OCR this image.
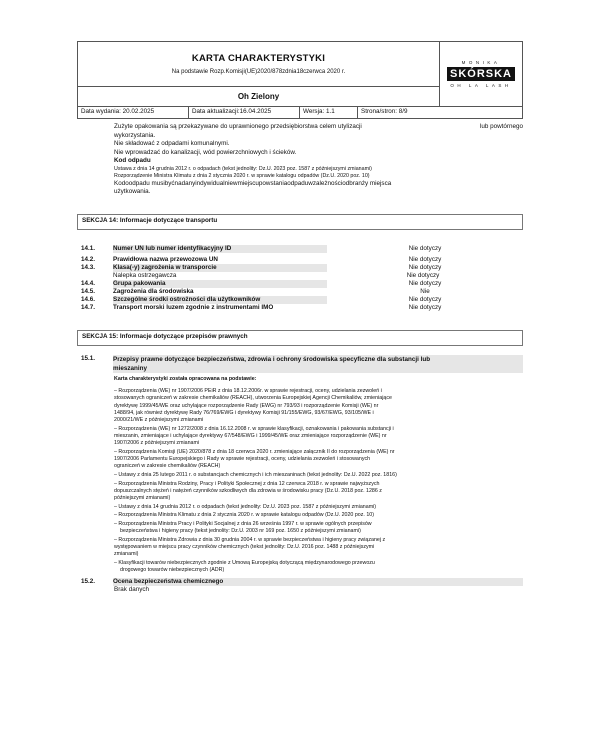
KARTA CHARAKTERYSTYKI
Na podstawie Rozp.Komisji(UE)2020/878zdnia18czerwca 2020 r.
Oh Zielony
MONIKA
SKÓRSKA
OH LA LASH
Data wydania: 20.02.2025	Data aktualizacji:16.04.2025	Wersja: 1.1	Strona/stron: 8/9
Zużyte opakowania są przekazywane do uprawnionego przedsiębiorstwa celem utylizacji	lub powtórnego
wykorzystania.
Nie składować z odpadami komunalnymi.
Nie wprowadzać do kanalizacji, wód powierzchniowych i ścieków.
Kod odpadu
Ustawa z dnia 14 grudnia 2012 r. o odpadach (tekst jednolity: Dz.U. 2023 poz. 1587 z późniejszymi zmianami)
Rozporządzenie Ministra Klimatu z dnia 2 stycznia 2020 r. w sprawie katalogu odpadów (Dz.U. 2020 poz. 10)
Kodoodpadu musibyćnadanyindywidualniewmiejscupowstaniaodpaduwzależnościodbranży miejsca
użytkowania.
SEKCJA 14: Informacje dotyczące transportu
14.1.	Numer UN lub numer identyfikacyjny ID	Nie dotyczy
14.2.	Prawidłowa nazwa przewozowa UN	Nie dotyczy
14.3.	Klasa(-y) zagrożenia w transporcie	Nie dotyczy
Nalepka ostrzegawcza	Nie dotyczy
14.4.	Grupa pakowania	Nie dotyczy
14.5.	Zagrożenia dla środowiska	Nie
14.6.	Szczególne środki ostrożności dla użytkowników	Nie dotyczy
14.7.	Transport morski luzem zgodnie z instrumentami IMO	Nie dotyczy
SEKCJA 15: Informacje dotyczące przepisów prawnych
15.1.	Przepisy prawne dotyczące bezpieczeństwa, zdrowia i ochrony środowiska specyficzne dla substancji lub
mieszaniny
Karta charakterystyki została opracowana na podstawie:
– Rozporządzenia (WE) nr 1907/2006 PEiR z dnia 18.12.2006r. w sprawie rejestracji, oceny, udzielania zezwoleń i
stosowanych ograniczeń w zakresie chemikaliów (REACH), utworzenia Europejskiej Agencji Chemikaliów, zmieniające
dyrektywę 1999/45/WE oraz uchylające rozporządzenie Rady (EWG) nr 793/93 i rozporządzenie Komisji (WE) nr
1488/94, jak również dyrektywę Rady 76/769/EWG i dyrektywy Komisji 91/155/EWG, 93/67/EWG, 93/105/WE i
2000/21/WE z późniejszymi zmianami
– Rozporządzenia (WE) nr 1272/2008 z dnia 16.12.2008 r. w sprawie klasyfikacji, oznakowania i pakowania substancji i
mieszanin, zmieniające i uchylające dyrektywy 67/548/EWG i 1999/45/WE oraz zmieniające rozporządzenie (WE) nr
1907/2006 z późniejszymi zmianami
– Rozporządzenia Komisji (UE) 2020/878 z dnia 18 czerwca 2020 r. zmieniające załącznik II do rozporządzenia (WE) nr
1907/2006 Parlamentu Europejskiego i Rady w sprawie rejestracji, oceny, udzielania zezwoleń i stosowanych
ograniczeń w zakresie chemikaliów (REACH)
– Ustawy z dnia 25 lutego 2011 r. o substancjach chemicznych i ich mieszaninach (tekst jednolity: Dz.U. 2022 poz. 1816)
– Rozporządzenia Ministra Rodziny, Pracy i Polityki Społecznej z dnia 12 czerwca 2018 r. w sprawie najwyższych
dopuszczalnych stężeń i natężeń czynników szkodliwych dla zdrowia w środowisku pracy (Dz.U. 2018 poz. 1286 z
późniejszymi zmianami)
– Ustawy z dnia 14 grudnia 2012 r. o odpadach (tekst jednolity: Dz.U. 2023 poz. 1587 z późniejszymi zmianami)
– Rozporządzenia Ministra Klimatu z dnia 2 stycznia 2020 r. w sprawie katalogu odpadów (Dz.U. 2020 poz. 10)
– Rozporządzenia Ministra Pracy i Polityki Socjalnej z dnia 26 września 1997 r. w sprawie ogólnych przepisów
bezpieczeństwa i higieny pracy (tekst jednolity: Dz.U. 2003 nr 169 poz. 1650 z późniejszymi zmianami)
– Rozporządzenia Ministra Zdrowia z dnia 30 grudnia 2004 r. w sprawie bezpieczeństwa i higieny pracy związanej z
występowaniem w miejscu pracy czynników chemicznych (tekst jednolity: Dz.U. 2016 poz. 1488 z późniejszymi
zmianami)
– Klasyfikacji towarów niebezpiecznych zgodnie z Umową Europejską dotyczącą międzynarodowego przewozu
drogowego towarów niebezpiecznych (ADR)
15.2.	Ocena bezpieczeństwa chemicznego
Brak danych
